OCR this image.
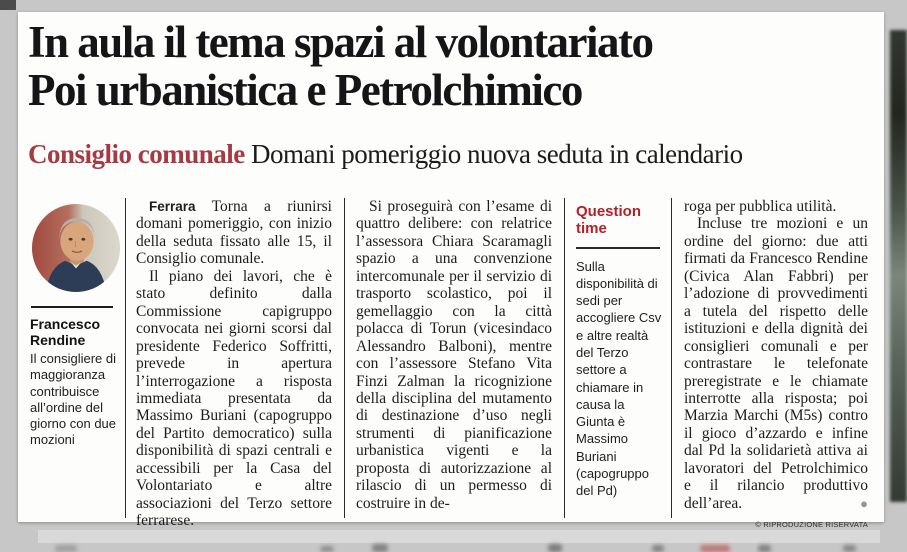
In aula il tema spazi al volontariato
Poi urbanistica e Petrolchimico
Consiglio comunale Domani pomeriggio nuova seduta in calendario
Francesco Rendine
Il consigliere di maggioranza contribuisce all’ordine del giorno con due mozioni

Ferrara Torna a riunirsi domani pomeriggio, con inizio della seduta fissato alle 15, il Consiglio comunale.

Il piano dei lavori, che è stato definito dalla Commissione capigruppo convocata nei giorni scorsi dal presidente Federico Soffritti, prevede in apertura l’interrogazione a risposta immediata presentata da Massimo Buriani (capogruppo del Partito democratico) sulla disponibilità di spazi centrali e accessibili per la Casa del Volontariato e altre associazioni del Terzo settore ferrarese.

Si proseguirà con l’esame di quattro delibere: con relatrice l’assessora Chiara Scaramagli spazio a una convenzione intercomunale per il servizio di trasporto scolastico, poi il gemellaggio con la città polacca di Torun (vicesindaco Alessandro Balboni), mentre con l’assessore Stefano Vita Finzi Zalman la ricognizione della disciplina del mutamento di destinazione d’uso negli strumenti di pianificazione urbanistica vigenti e la proposta di autorizzazione al rilascio di un permesso di costruire in de-

Question time
Sulla disponibilità di sedi per accogliere Csv e altre realtà del Terzo settore a chiamare in causa la Giunta è Massimo Buriani (capogruppo del Pd)

roga per pubblica utilità.

Incluse tre mozioni e un ordine del giorno: due atti firmati da Francesco Rendine (Civica Alan Fabbri) per l’adozione di provvedimenti a tutela del rispetto delle istituzioni e della dignità dei consiglieri comunali e per contrastare le telefonate preregistrate e le chiamate interrotte alla risposta; poi Marzia Marchi (M5s) contro il gioco d’azzardo e infine dal Pd la solidarietà attiva ai lavoratori del Petrolchimico e il rilancio produttivo dell’area.	●

© RIPRODUZIONE RISERVATA
